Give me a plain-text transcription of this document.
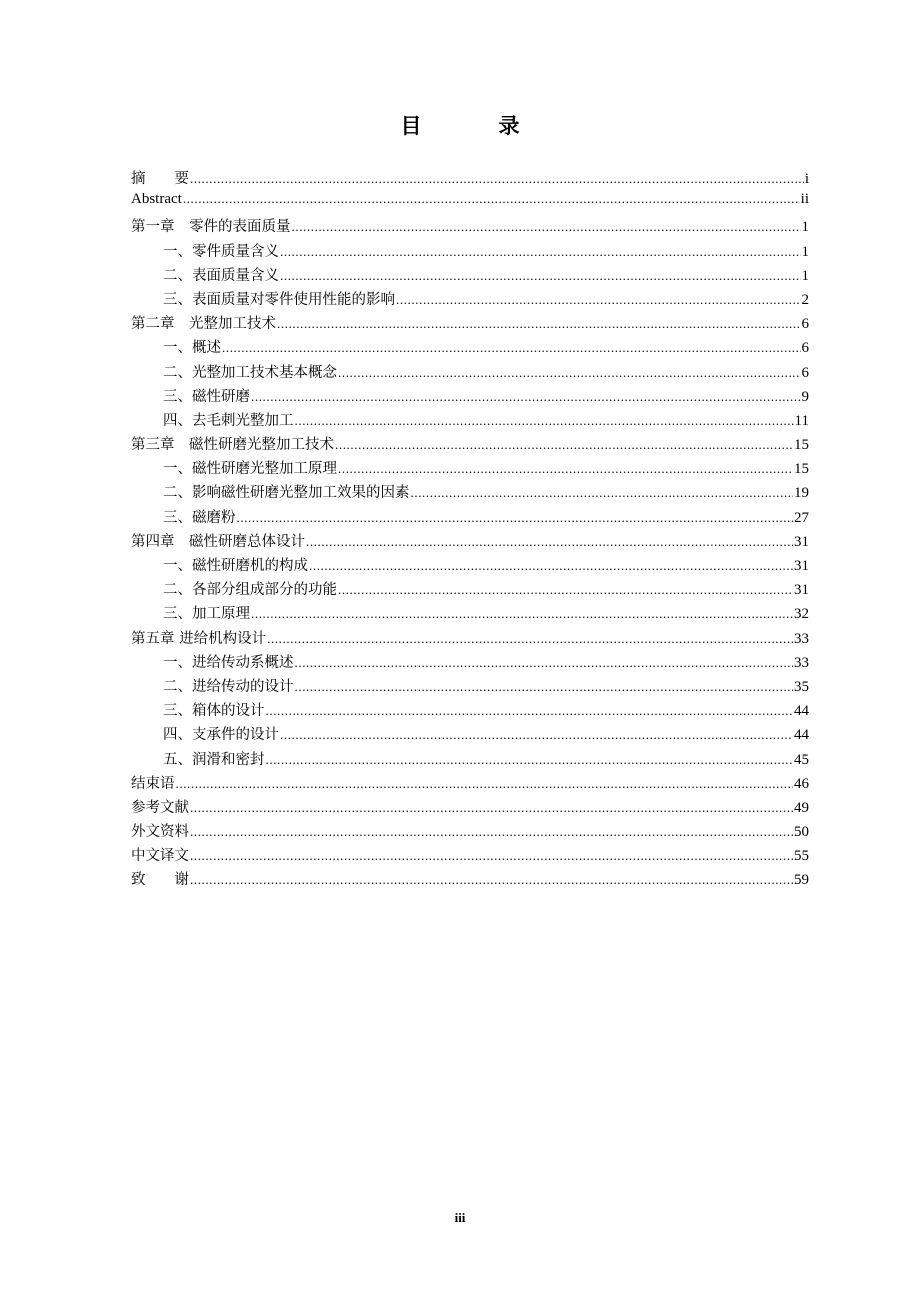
目　录
摘　　要 .....	i
Abstract .....	ii
第一章　零件的表面质量 .....	1
一、零件质量含义 .....	1
二、表面质量含义 .....	1
三、表面质量对零件使用性能的影响 .....	2
第二章　光整加工技术 .....	6
一、概述 .....	6
二、光整加工技术基本概念 .....	6
三、磁性研磨 .....	9
四、去毛刺光整加工 .....	11
第三章　磁性研磨光整加工技术 .....	15
一、磁性研磨光整加工原理 .....	15
二、影响磁性研磨光整加工效果的因素 .....	19
三、磁磨粉 .....	27
第四章　磁性研磨总体设计 .....	31
一、磁性研磨机的构成 .....	31
二、各部分组成部分的功能 .....	31
三、加工原理 .....	32
第五章 进给机构设计 .....	33
一、进给传动系概述 .....	33
二、进给传动的设计 .....	35
三、箱体的设计 .....	44
四、支承件的设计 .....	44
五、润滑和密封 .....	45
结束语 .....	46
参考文献 .....	49
外文资料 .....	50
中文译文 .....	55
致　　谢 .....	59
iii
